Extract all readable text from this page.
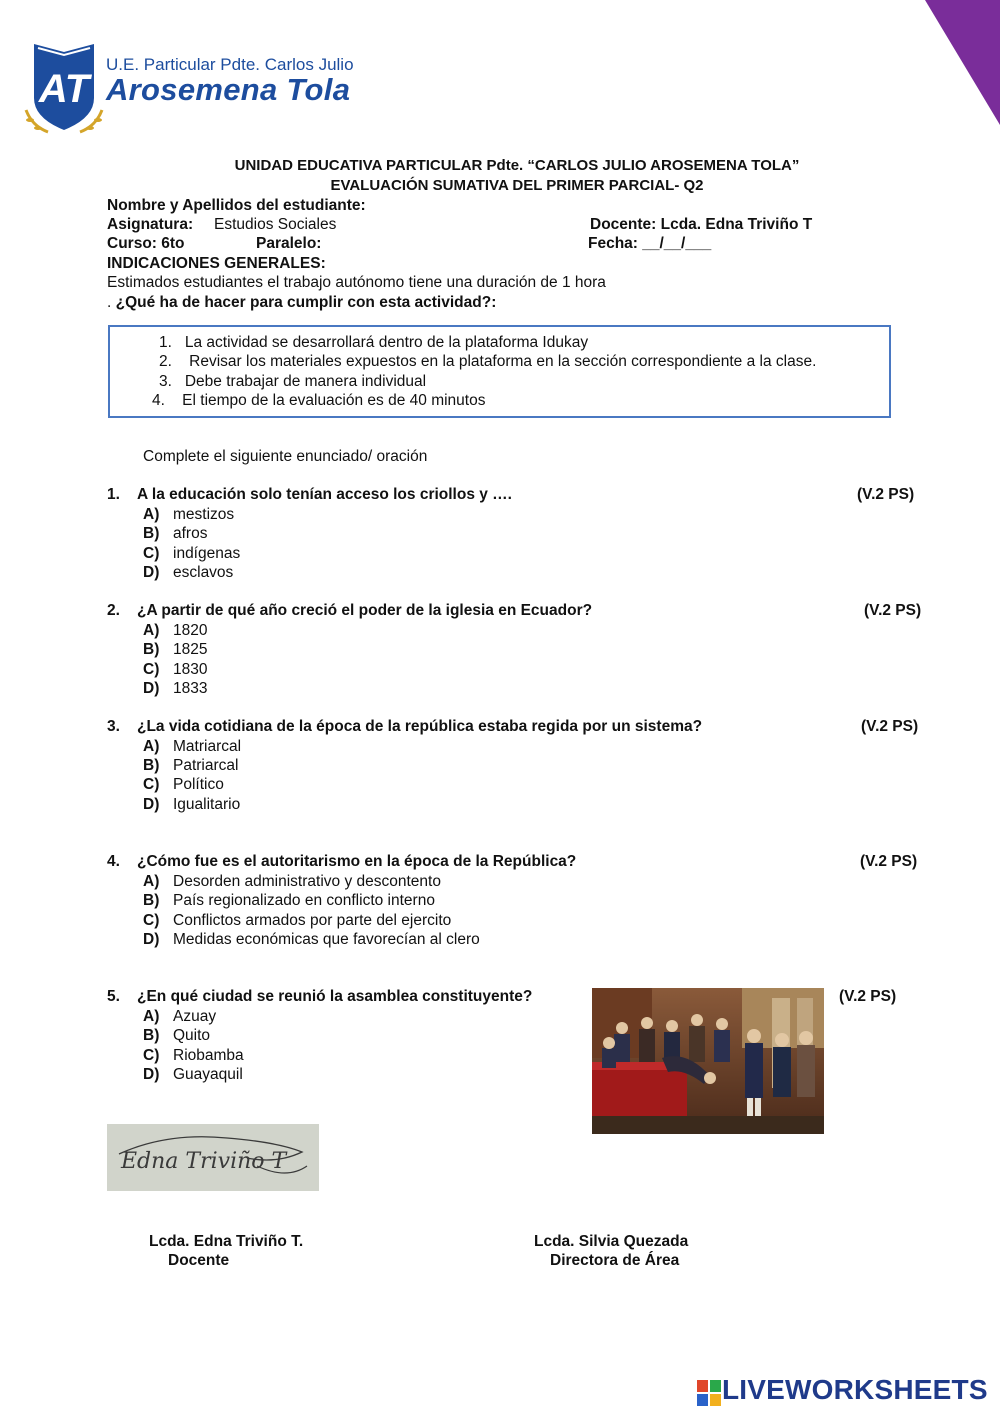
AT
U.E. Particular Pdte. Carlos Julio
Arosemena Tola
UNIDAD EDUCATIVA PARTICULAR Pdte. “CARLOS JULIO AROSEMENA TOLA”
EVALUACIÓN SUMATIVA DEL PRIMER PARCIAL- Q2
Nombre y Apellidos del estudiante:
Asignatura: Estudios Sociales	Docente: Lcda. Edna Triviño T
Curso: 6to	Paralelo:	Fecha: __/__/___
INDICACIONES GENERALES:
Estimados estudiantes el trabajo autónomo tiene una duración de 1 hora
. ¿Qué ha de hacer para cumplir con esta actividad?:
1. La actividad se desarrollará dentro de la plataforma Idukay
2. Revisar los materiales expuestos en la plataforma en la sección correspondiente a la clase.
3. Debe trabajar de manera individual
4. El tiempo de la evaluación es de 40 minutos
Complete el siguiente enunciado/ oración
1. A la educación solo tenían acceso los criollos y ….	(V.2 PS)
A) mestizos
B) afros
C) indígenas
D) esclavos
2. ¿A partir de qué año creció el poder de la iglesia en Ecuador?	(V.2 PS)
A) 1820
B) 1825
C) 1830
D) 1833
3. ¿La vida cotidiana de la época de la república estaba regida por un sistema?	(V.2 PS)
A) Matriarcal
B) Patriarcal
C) Político
D) Igualitario
4. ¿Cómo fue es el autoritarismo en la época de la República?	(V.2 PS)
A) Desorden administrativo y descontento
B) País regionalizado en conflicto interno
C) Conflictos armados por parte del ejercito
D) Medidas económicas que favorecían al clero
5. ¿En qué ciudad se reunió la asamblea constituyente?	(V.2 PS)
A) Azuay
B) Quito
C) Riobamba
D) Guayaquil
Edna Triviño T
Lcda. Edna Triviño T.
Docente
Lcda. Silvia Quezada
Directora de Área
LIVEWORKSHEETS
